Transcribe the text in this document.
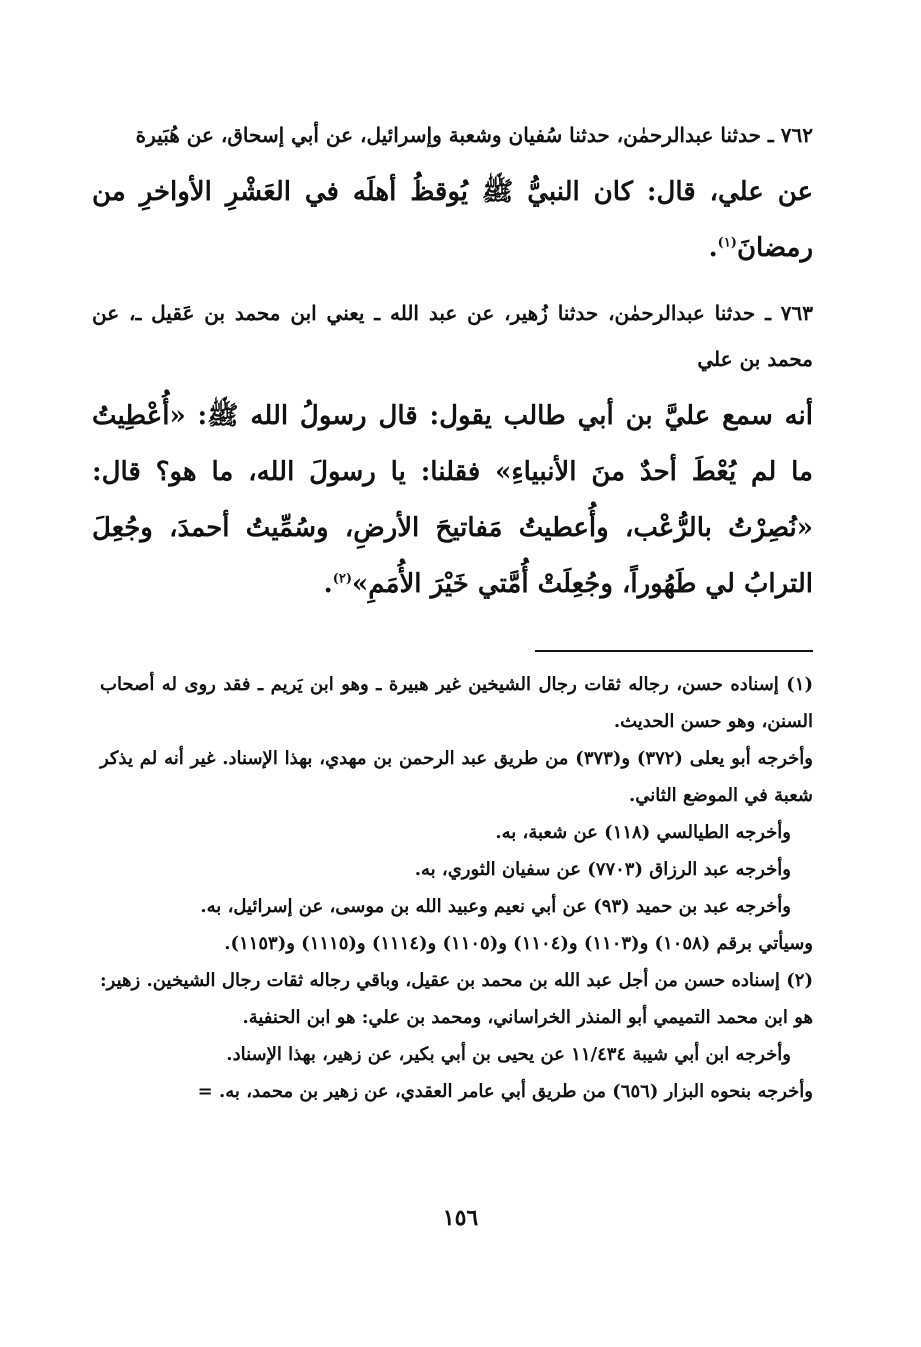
٧٦٢ ـ حدثنا عبدالرحمٰن، حدثنا سُفيان وشعبة وإسرائيل، عن أبي إسحاق، عن هُبَيرة

عن علي، قال: كان النبيُّ ﷺ يُوقظُ أهلَه في العَشْرِ الأواخرِ من رمضانَ$^{(١)}$.

٧٦٣ ـ حدثنا عبدالرحمٰن، حدثنا زُهير، عن عبد الله ـ يعني ابن محمد بن عَقيل ـ، عن محمد بن علي

أنه سمع عليَّ بن أبي طالب يقول: قال رسولُ الله ﷺ: «أُعْطِيتُ ما لم يُعْطَ أحدٌ منَ الأنبياءِ» فقلنا: يا رسولَ الله، ما هو؟ قال: «نُصِرْتُ بالرُّعْب، وأُعطيتُ مَفاتيحَ الأرضِ، وسُمِّيتُ أحمدَ، وجُعِلَ الترابُ لي طَهُوراً، وجُعِلَتْ أُمَّتي خَيْرَ الأُمَمِ»$^{(٢)}$.

(١) إسناده حسن، رجاله ثقات رجال الشيخين غير هبيرة ـ وهو ابن يَريم ـ فقد روى له أصحاب السنن، وهو حسن الحديث.

وأخرجه أبو يعلى (٣٧٢) و(٣٧٣) من طريق عبد الرحمن بن مهدي، بهذا الإسناد. غير أنه لم يذكر شعبة في الموضع الثاني.

وأخرجه الطيالسي (١١٨) عن شعبة، به.

وأخرجه عبد الرزاق (٧٧٠٣) عن سفيان الثوري، به.

وأخرجه عبد بن حميد (٩٣) عن أبي نعيم وعبيد الله بن موسى، عن إسرائيل، به.

وسيأتي برقم (١٠٥٨) و(١١٠٣) و(١١٠٤) و(١١٠٥) و(١١١٤) و(١١١٥) و(١١٥٣).

(٢) إسناده حسن من أجل عبد الله بن محمد بن عقيل، وباقي رجاله ثقات رجال الشيخين. زهير: هو ابن محمد التميمي أبو المنذر الخراساني، ومحمد بن علي: هو ابن الحنفية.

وأخرجه ابن أبي شيبة ١١/٤٣٤ عن يحيى بن أبي بكير، عن زهير، بهذا الإسناد.

وأخرجه بنحوه البزار (٦٥٦) من طريق أبي عامر العقدي، عن زهير بن محمد، به. =

١٥٦
